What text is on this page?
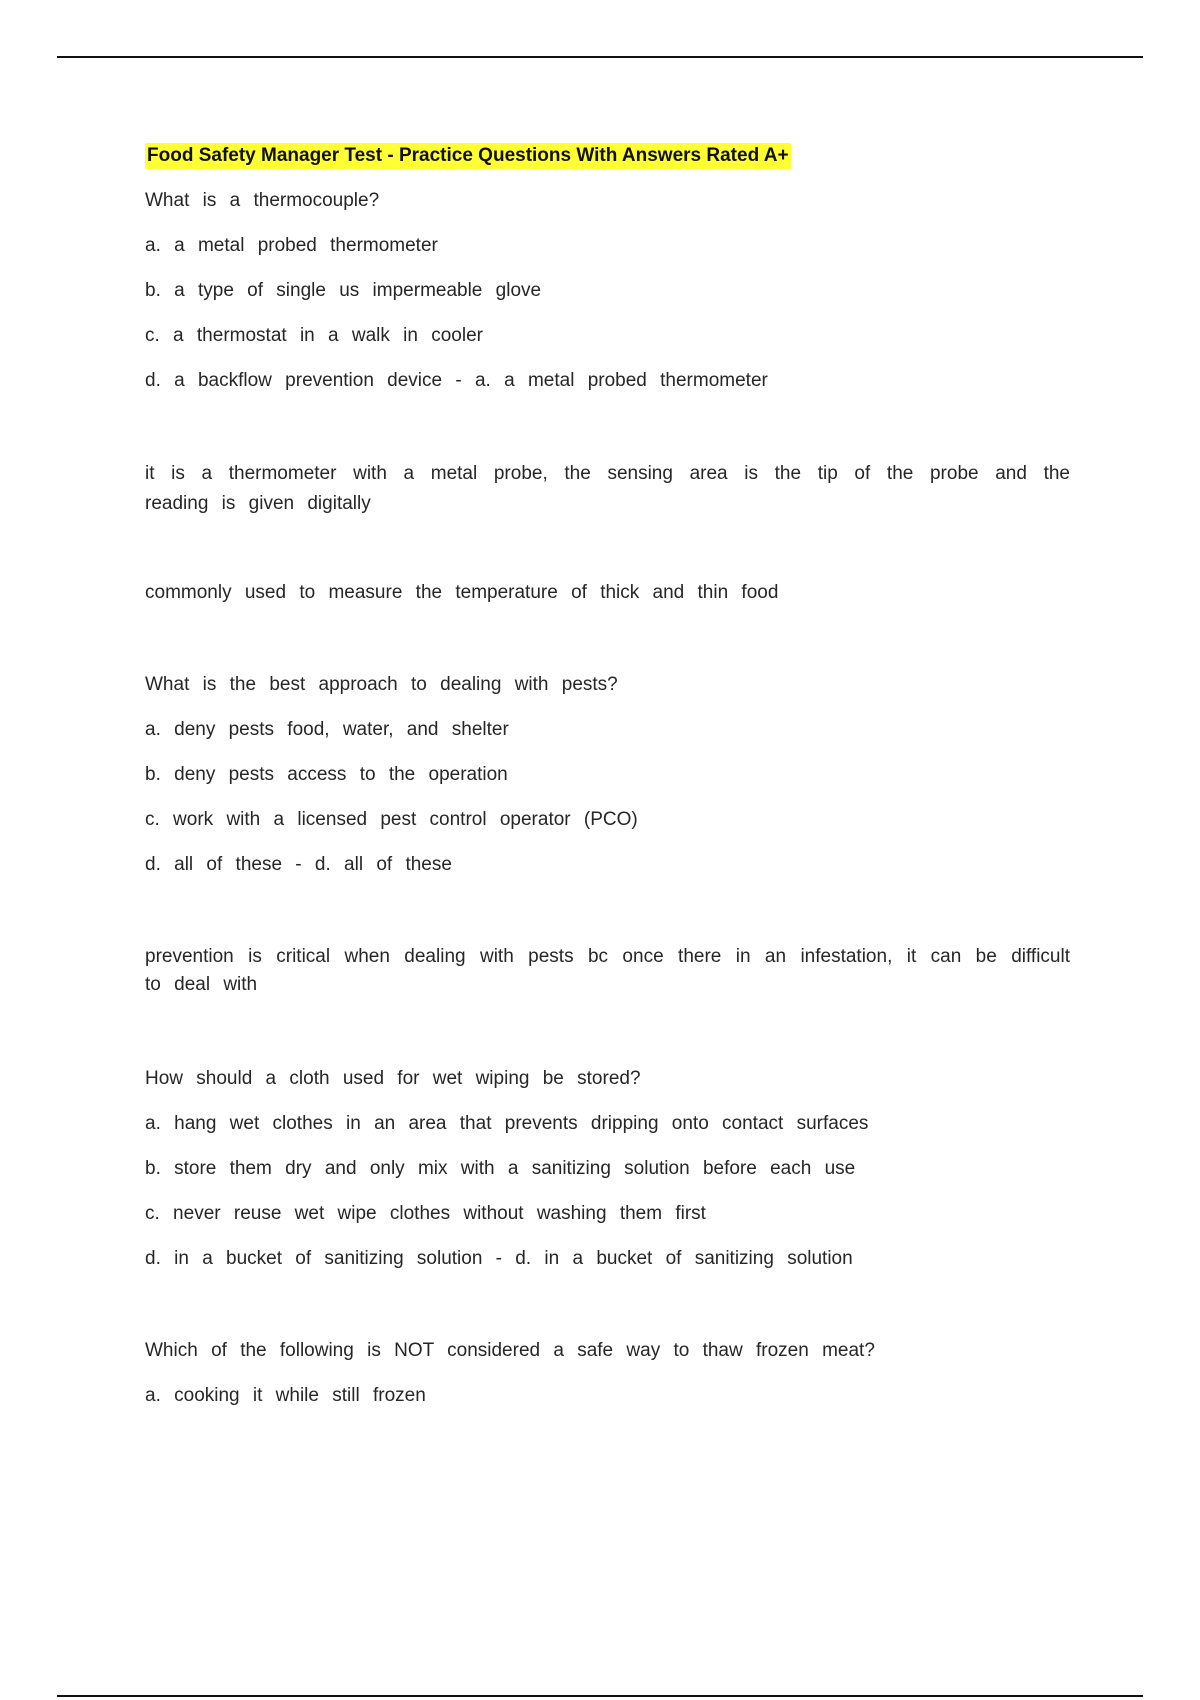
Food Safety Manager Test - Practice Questions With Answers Rated A+

What is a thermocouple?

a. a metal probed thermometer

b. a type of single us impermeable glove

c. a thermostat in a walk in cooler

d. a backflow prevention device - a. a metal probed thermometer

it is a thermometer with a metal probe, the sensing area is the tip of the probe and the reading is given digitally

commonly used to measure the temperature of thick and thin food

What is the best approach to dealing with pests?

a. deny pests food, water, and shelter

b. deny pests access to the operation

c. work with a licensed pest control operator (PCO)

d. all of these - d. all of these

prevention is critical when dealing with pests bc once there in an infestation, it can be difficult to deal with

How should a cloth used for wet wiping be stored?

a. hang wet clothes in an area that prevents dripping onto contact surfaces

b. store them dry and only mix with a sanitizing solution before each use

c. never reuse wet wipe clothes without washing them first

d. in a bucket of sanitizing solution - d. in a bucket of sanitizing solution

Which of the following is NOT considered a safe way to thaw frozen meat?

a. cooking it while still frozen
